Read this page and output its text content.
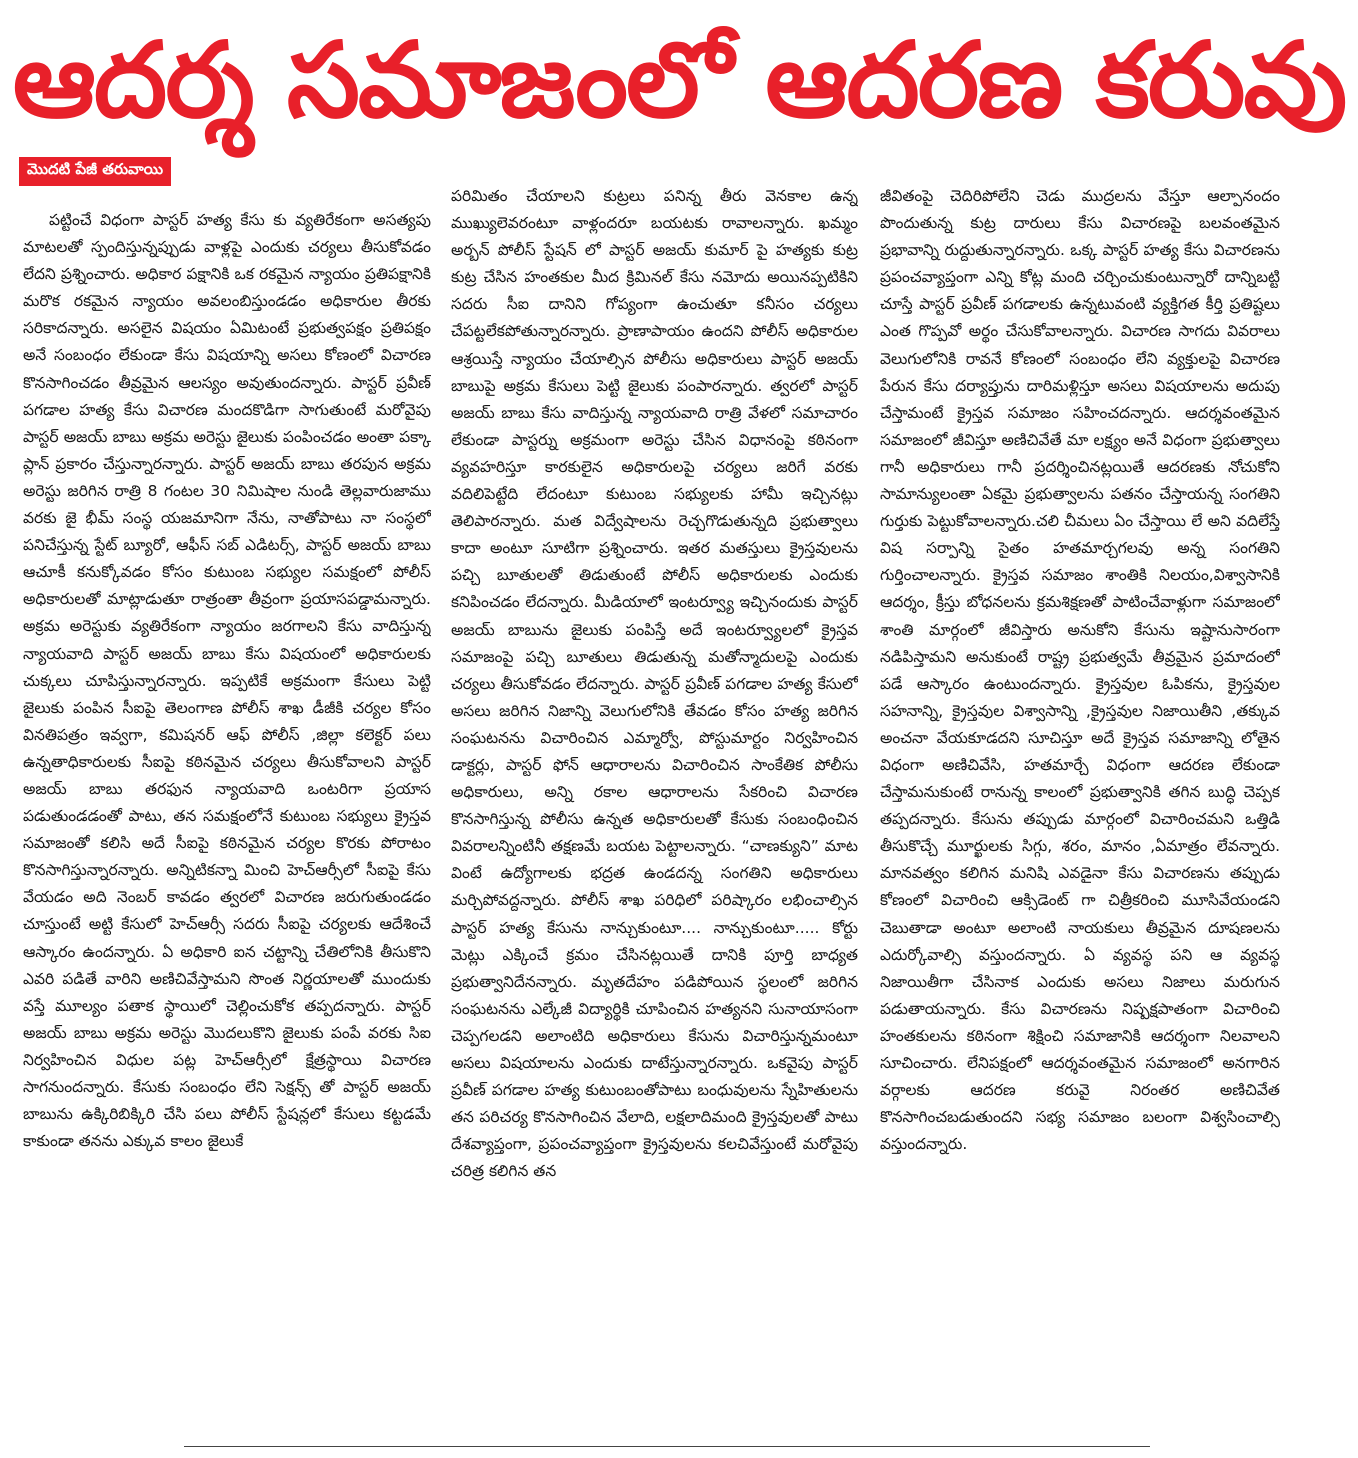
ఆదర్శ సమాజంలో ఆదరణ కరువు
మొదటి పేజీ తరువాయి

పట్టించే విధంగా పాస్టర్ హత్య కేసు కు వ్యతిరేకంగా అసత్యపు మాటలతో స్పందిస్తున్నప్పుడు వాళ్లపై ఎందుకు చర్యలు తీసుకోవడం లేదని ప్రశ్నించారు. అధికార పక్షానికి ఒక రకమైన న్యాయం ప్రతిపక్షానికి మరొక రకమైన న్యాయం అవలంబిస్తుండడం అధికారుల తీరకు సరికాదన్నారు. అసలైన విషయం ఏమిటంటే ప్రభుత్వపక్షం ప్రతిపక్షం అనే సంబంధం లేకుండా కేసు విషయాన్ని అసలు కోణంలో విచారణ కొనసాగించడం తీవ్రమైన ఆలస్యం అవుతుందన్నారు. పాస్టర్ ప్రవీణ్ పగడాల హత్య కేసు విచారణ మందకొడిగా సాగుతుంటే మరోవైపు పాస్టర్ అజయ్ బాబు అక్రమ అరెస్టు జైలుకు పంపించడం అంతా పక్కా ప్లాన్ ప్రకారం చేస్తున్నారన్నారు. పాస్టర్ అజయ్ బాబు తరపున అక్రమ అరెస్టు జరిగిన రాత్రి 8 గంటల 30 నిమిషాల నుండి తెల్లవారుజాము వరకు జై భీమ్ సంస్థ యజమానిగా నేను, నాతోపాటు నా సంస్థలో పనిచేస్తున్న స్టేట్ బ్యూరో, ఆఫీస్ సబ్ ఎడిటర్స్, పాస్టర్ అజయ్ బాబు ఆచూకీ కనుక్కోవడం కోసం కుటుంబ సభ్యుల సమక్షంలో పోలీస్ అధికారులతో మాట్లాడుతూ రాత్రంతా తీవ్రంగా ప్రయాసపడ్డామన్నారు. అక్రమ అరెస్టుకు వ్యతిరేకంగా న్యాయం జరగాలని కేసు వాదిస్తున్న న్యాయవాది పాస్టర్ అజయ్ బాబు కేసు విషయంలో అధికారులకు చుక్కలు చూపిస్తున్నారన్నారు. ఇప్పటికే అక్రమంగా కేసులు పెట్టి జైలుకు పంపిన సీఐపై తెలంగాణ పోలీస్ శాఖ డీజీకి చర్యల కోసం వినతిపత్రం ఇవ్వగా, కమిషనర్ ఆఫ్ పోలీస్ ,జిల్లా కలెక్టర్ పలు ఉన్నతాధికారులకు సీఐపై కఠినమైన చర్యలు తీసుకోవాలని పాస్టర్ అజయ్ బాబు తరఫున న్యాయవాది ఒంటరిగా ప్రయాస పడుతుండడంతో పాటు, తన సమక్షంలోనే కుటుంబ సభ్యులు క్రైస్తవ సమాజంతో కలిసి అదే సీఐపై కఠినమైన చర్యల కొరకు పోరాటం కొనసాగిస్తున్నారన్నారు. అన్నిటికన్నా మించి హెచ్ఆర్సీలో సీఐపై కేసు వేయడం అది నెంబర్ కావడం త్వరలో విచారణ జరుగుతుండడం చూస్తుంటే అట్టి కేసులో హెచ్ఆర్సీ సదరు సీఐపై చర్యలకు ఆదేశించే ఆస్కారం ఉందన్నారు. ఏ అధికారి ఐన చట్టాన్ని చేతిలోనికి తీసుకొని ఎవరి పడితే వారిని అణిచివేస్తామని సొంత నిర్ణయాలతో ముందుకు వస్తే మూల్యం పతాక స్థాయిలో చెల్లించుకోక తప్పదన్నారు. పాస్టర్ అజయ్ బాబు అక్రమ అరెస్టు మొదలుకొని జైలుకు పంపే వరకు సిఐ నిర్వహించిన విధుల పట్ల హెచ్ఆర్సీలో క్షేత్రస్థాయి విచారణ సాగనుందన్నారు. కేసుకు సంబంధం లేని సెక్షన్స్ తో పాస్టర్ అజయ్ బాబును ఉక్కిరిబిక్కిరి చేసి పలు పోలీస్ స్టేషన్లలో కేసులు కట్టడమే కాకుండా తనను ఎక్కువ కాలం జైలుకే

పరిమితం చేయాలని కుట్రలు పనిన్న తీరు వెనకాల ఉన్న ముఖ్యులెవరంటూ వాళ్లందరూ బయటకు రావాలన్నారు. ఖమ్మం అర్బన్ పోలీస్ స్టేషన్ లో పాస్టర్ అజయ్ కుమార్ పై హత్యకు కుట్ర కుట్ర చేసిన హంతకుల మీద క్రిమినల్ కేసు నమోదు అయినప్పటికిని సదరు సీఐ దానిని గోప్యంగా ఉంచుతూ కనీసం చర్యలు చేపట్టలేకపోతున్నారన్నారు. ప్రాణాపాయం ఉందని పోలీస్ అధికారుల ఆశ్రయిస్తే న్యాయం చేయాల్సిన పోలీసు అధికారులు పాస్టర్ అజయ్ బాబుపై అక్రమ కేసులు పెట్టి జైలుకు పంపారన్నారు. త్వరలో పాస్టర్ అజయ్ బాబు కేసు వాదిస్తున్న న్యాయవాది రాత్రి వేళలో సమాచారం లేకుండా పాస్టర్ను అక్రమంగా అరెస్టు చేసిన విధానంపై కఠినంగా వ్యవహరిస్తూ కారకులైన అధికారులపై చర్యలు జరిగే వరకు వదిలిపెట్టేది లేదంటూ కుటుంబ సభ్యులకు హామీ ఇచ్చినట్లు తెలిపారన్నారు. మత విద్వేషాలను రెచ్చగొడుతున్నది ప్రభుత్వాలు కాదా అంటూ సూటిగా ప్రశ్నించారు. ఇతర మతస్తులు క్రైస్తవులను పచ్చి బూతులతో తిడుతుంటే పోలీస్ అధికారులకు ఎందుకు కనిపించడం లేదన్నారు. మీడియాలో ఇంటర్వ్యూ ఇచ్చినందుకు పాస్టర్ అజయ్ బాబును జైలుకు పంపిస్తే అదే ఇంటర్వ్యూలలో క్రైస్తవ సమాజంపై పచ్చి బూతులు తిడుతున్న మతోన్మాదులపై ఎందుకు చర్యలు తీసుకోవడం లేదన్నారు. పాస్టర్ ప్రవీణ్ పగడాల హత్య కేసులో అసలు జరిగిన నిజాన్ని వెలుగులోనికి తేవడం కోసం హత్య జరిగిన సంఘటనను విచారించిన ఎమ్మార్వో, పోస్టుమార్టం నిర్వహించిన డాక్టర్లు, పాస్టర్ ఫోన్ ఆధారాలను విచారించిన సాంకేతిక పోలీసు అధికారులు, అన్ని రకాల ఆధారాలను సేకరించి విచారణ కొనసాగిస్తున్న పోలీసు ఉన్నత అధికారులతో కేసుకు సంబంధించిన వివరాలన్నింటినీ తక్షణమే బయట పెట్టాలన్నారు. “చాణక్యుని” మాట వింటే ఉద్యోగాలకు భద్రత ఉండదన్న సంగతిని అధికారులు మర్చిపోవద్దన్నారు. పోలీస్ శాఖ పరిధిలో పరిష్కారం లభించాల్సిన పాస్టర్ హత్య కేసును నాన్చుకుంటూ.... నాన్చుకుంటూ..... కోర్టు మెట్లు ఎక్కించే క్రమం చేసినట్లయితే దానికి పూర్తి బాధ్యత ప్రభుత్వానిదేనన్నారు. మృతదేహం పడిపోయిన స్థలంలో జరిగిన సంఘటనను ఎల్కేజీ విద్యార్థికి చూపించిన హత్యనని సునాయాసంగా చెప్పగలడని అలాంటిది అధికారులు కేసును విచారిస్తున్నమంటూ అసలు విషయాలను ఎందుకు దాటేస్తున్నారన్నారు. ఒకవైపు పాస్టర్ ప్రవీణ్ పగడాల హత్య కుటుంబంతోపాటు బంధువులను స్నేహితులను తన పరిచర్య కొనసాగించిన వేలాది, లక్షలాదిమంది క్రైస్తవులతో పాటు దేశవ్యాప్తంగా, ప్రపంచవ్యాప్తంగా క్రైస్తవులను కలచివేస్తుంటే మరోవైపు చరిత్ర కలిగిన తన

జీవితంపై చెదిరిపోలేని చెడు ముద్రలను వేస్తూ ఆల్పానందం పొందుతున్న కుట్ర దారులు కేసు విచారణపై బలవంతమైన ప్రభావాన్ని రుద్దుతున్నారన్నారు. ఒక్క పాస్టర్ హత్య కేసు విచారణను ప్రపంచవ్యాప్తంగా ఎన్ని కోట్ల మంది చర్చించుకుంటున్నారో దాన్నిబట్టి చూస్తే పాస్టర్ ప్రవీణ్ పగడాలకు ఉన్నటువంటి వ్యక్తిగత కీర్తి ప్రతిష్టలు ఎంత గొప్పవో అర్థం చేసుకోవాలన్నారు. విచారణ సాగదు వివరాలు వెలుగులోనికి రావనే కోణంలో సంబంధం లేని వ్యక్తులపై విచారణ పేరున కేసు దర్యాప్తును దారిమళ్లిస్తూ అసలు విషయాలను అదుపు చేస్తామంటే క్రైస్తవ సమాజం సహించదన్నారు. ఆదర్శవంతమైన సమాజంలో జీవిస్తూ అణిచివేతే మా లక్ష్యం అనే విధంగా ప్రభుత్వాలు గానీ అధికారులు గానీ ప్రదర్శించినట్లయితే ఆదరణకు నోచుకోని సామాన్యులంతా ఏకమై ప్రభుత్వాలను పతనం చేస్తాయన్న సంగతిని గుర్తుకు పెట్టుకోవాలన్నారు.చలి చీమలు ఏం చేస్తాయి లే అని వదిలేస్తే విష సర్పాన్ని సైతం హతమార్చగలవు అన్న సంగతిని గుర్తించాలన్నారు. క్రైస్తవ సమాజం శాంతికి నిలయం,విశ్వాసానికి ఆదర్శం, క్రీస్తు బోధనలను క్రమశిక్షణతో పాటించేవాళ్లుగా సమాజంలో శాంతి మార్గంలో జీవిస్తారు అనుకోని కేసును ఇష్టానుసారంగా నడిపిస్తామని అనుకుంటే రాష్ట్ర ప్రభుత్వమే తీవ్రమైన ప్రమాదంలో పడే ఆస్కారం ఉంటుందన్నారు. క్రైస్తవుల ఓపికను, క్రైస్తవుల సహనాన్ని, క్రైస్తవుల విశ్వాసాన్ని ,క్రైస్తవుల నిజాయితీని ,తక్కువ అంచనా వేయకూడదని సూచిస్తూ అదే క్రైస్తవ సమాజాన్ని లోతైన విధంగా అణిచివేసి, హతమార్చే విధంగా ఆదరణ లేకుండా చేస్తామనుకుంటే రానున్న కాలంలో ప్రభుత్వానికి తగిన బుద్ధి చెప్పక తప్పదన్నారు. కేసును తప్పుడు మార్గంలో విచారించమని ఒత్తిడి తీసుకొచ్చే మూర్ఖులకు సిగ్గు, శరం, మానం ,ఏమాత్రం లేవన్నారు. మానవత్వం కలిగిన మనిషి ఎవడైనా కేసు విచారణను తప్పుడు కోణంలో విచారించి ఆక్సిడెంట్ గా చిత్రీకరించి మూసివేయండని చెబుతాడా అంటూ అలాంటి నాయకులు తీవ్రమైన దూషణలను ఎదుర్కోవాల్సి వస్తుందన్నారు. ఏ వ్యవస్థ పని ఆ వ్యవస్థ నిజాయితీగా చేసినాక ఎందుకు అసలు నిజాలు మరుగున పడుతాయన్నారు. కేసు విచారణను నిష్పక్షపాతంగా విచారించి హంతకులను కఠినంగా శిక్షించి సమాజానికి ఆదర్శంగా నిలవాలని సూచించారు. లేనిపక్షంలో ఆదర్శవంతమైన సమాజంలో అనగారిన వర్గాలకు ఆదరణ కరువై నిరంతర అణిచివేత కొనసాగించబడుతుందని సభ్య సమాజం బలంగా విశ్వసించాల్సి వస్తుందన్నారు.
